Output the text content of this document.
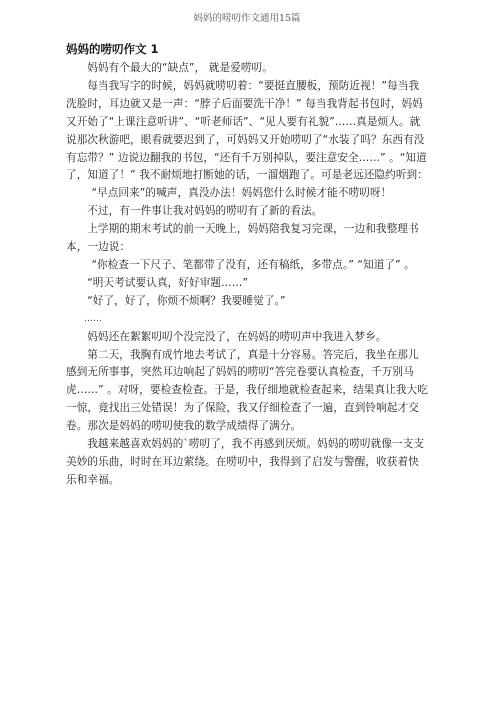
妈妈的唠叨作文通用15篇
妈妈的唠叨作文 1

妈妈有个最大的“缺点”， 就是爱唠叨。

每当我写字的时候，妈妈就唠叨着：“要挺直腰板，预防近视！”每当我洗脸时，耳边就又是一声：“脖子后面要洗干净！” 每当我背起书包时，妈妈又开始了“上课注意听讲”、“听老师话”、“见人要有礼貌”……真是烦人。就说那次秋游吧，眼看就要迟到了，可妈妈又开始唠叨了“水装了吗？东西有没有忘带？” 边说边翻我的书包，“还有千万别掉队，要注意安全……” 。“知道了，知道了！” 我不耐烦地打断她的话，一溜烟跑了。可是老远还隐约听到：

“早点回来”的喊声，真没办法！妈妈您什么时候才能不唠叨呀！

不过，有一件事让我对妈妈的唠叨有了新的看法。

上学期的期末考试的前一天晚上，妈妈陪我复习完课，一边和我整理书本，一边说：

“你检查一下尺子、笔都带了没有，还有稿纸，多带点。” “知道了” 。

“明天考试要认真，好好审题……”

“好了，好了，你烦不烦啊？我要睡觉了。”

……

妈妈还在絮絮叨叨个没完没了，在妈妈的唠叨声中我进入梦乡。

第二天，我胸有成竹地去考试了，真是十分容易。答完后，我坐在那儿感到无所事事，突然耳边响起了妈妈的唠叨“答完卷要认真检查，千万别马虎……” 。对呀，要检查检查。于是，我仔细地就检查起来，结果真让我大吃一惊，竟找出三处错误！为了保险，我又仔细检查了一遍，直到铃响起才交卷。那次是妈妈的唠叨使我的数学成绩得了满分。

我越来越喜欢妈妈的`唠叨了，我不再感到厌烦。妈妈的唠叨就像一支支美妙的乐曲，时时在耳边萦绕。在唠叨中，我得到了启发与警醒，收获着快乐和幸福。
